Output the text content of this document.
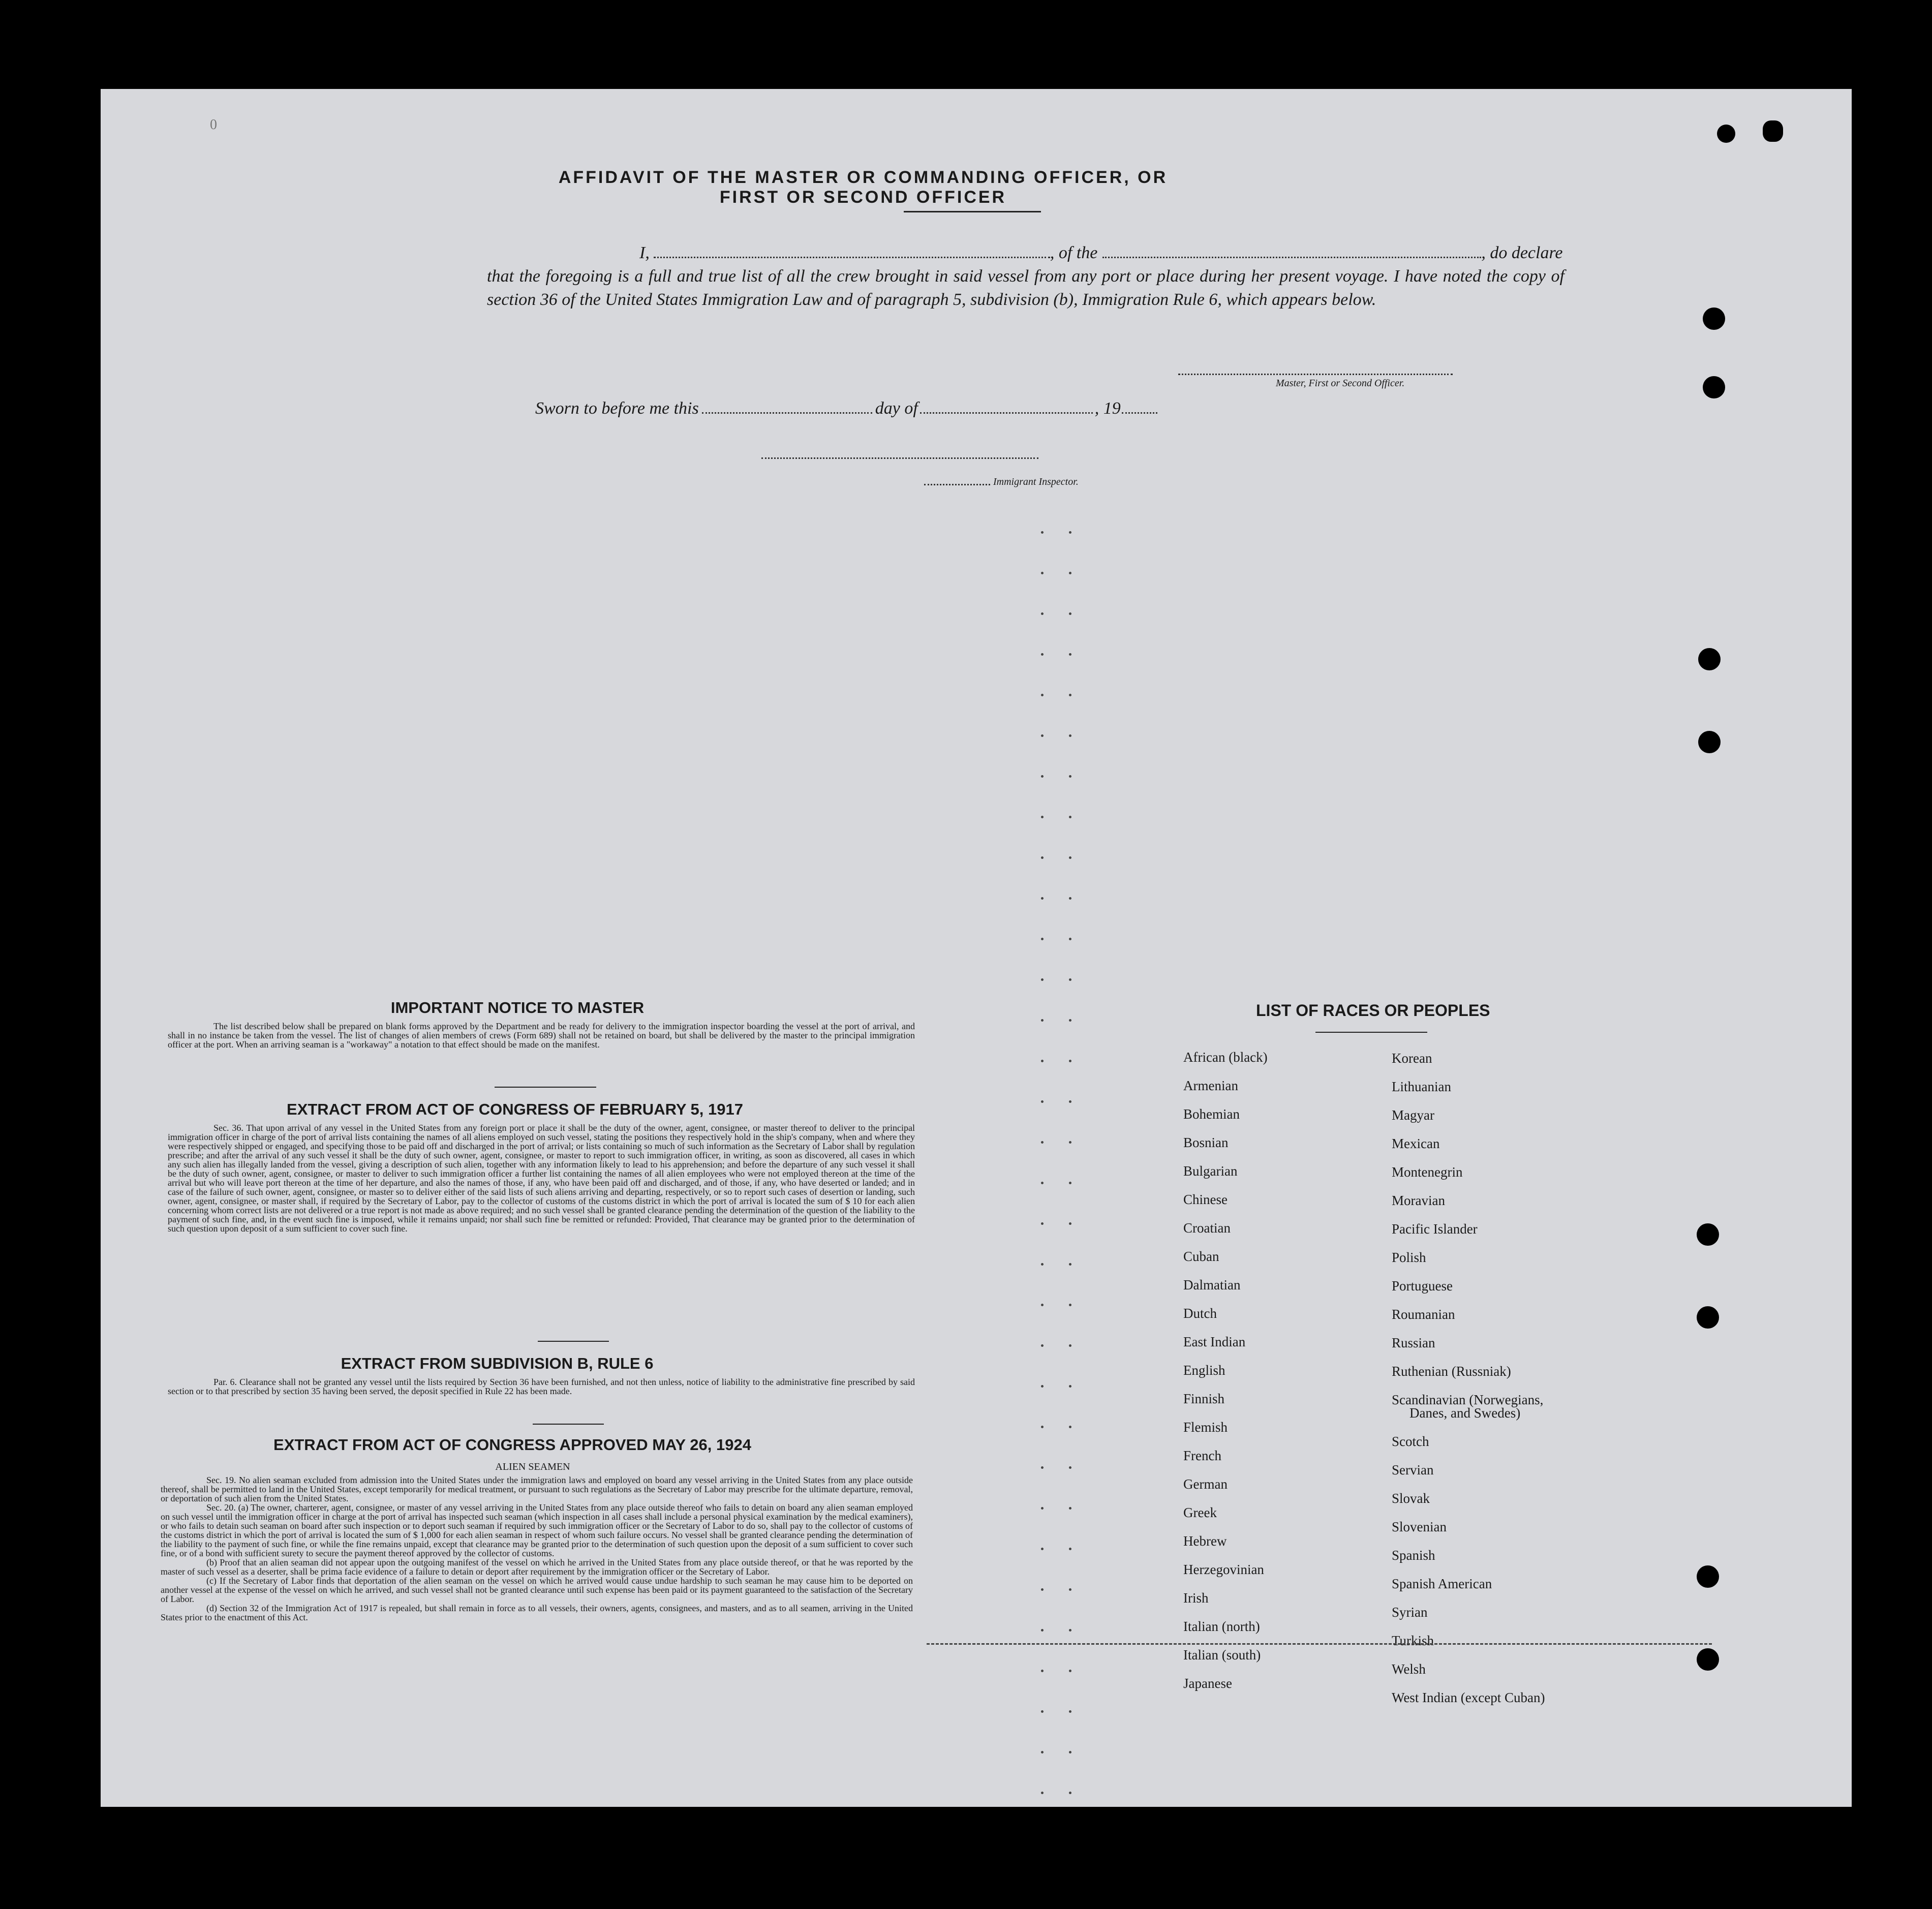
0
AFFIDAVIT OF THE MASTER OR COMMANDING OFFICER, OR FIRST OR SECOND OFFICER
I,	, of the	, do declare
that the foregoing is a full and true list of all the crew brought in said vessel from any port or place during her present voyage. I have noted the copy of section 36 of the United States Immigration Law and of paragraph 5, subdivision (b), Immigration Rule 6, which appears below.
Master, First or Second Officer.
Sworn to before me this	day of	, 19
Immigrant Inspector.
IMPORTANT NOTICE TO MASTER

The list described below shall be prepared on blank forms approved by the Department and be ready for delivery to the immigration inspector boarding the vessel at the port of arrival, and shall in no instance be taken from the vessel. The list of changes of alien members of crews (Form 689) shall not be retained on board, but shall be delivered by the master to the principal immigration officer at the port. When an arriving seaman is a "workaway" a notation to that effect should be made on the manifest.

EXTRACT FROM ACT OF CONGRESS OF FEBRUARY 5, 1917

Sec. 36. That upon arrival of any vessel in the United States from any foreign port or place it shall be the duty of the owner, agent, consignee, or master thereof to deliver to the principal immigration officer in charge of the port of arrival lists containing the names of all aliens employed on such vessel, stating the positions they respectively hold in the ship's company, when and where they were respectively shipped or engaged, and specifying those to be paid off and discharged in the port of arrival; or lists containing so much of such information as the Secretary of Labor shall by regulation prescribe; and after the arrival of any such vessel it shall be the duty of such owner, agent, consignee, or master to report to such immigration officer, in writing, as soon as discovered, all cases in which any such alien has illegally landed from the vessel, giving a description of such alien, together with any information likely to lead to his apprehension; and before the departure of any such vessel it shall be the duty of such owner, agent, consignee, or master to deliver to such immigration officer a further list containing the names of all alien employees who were not employed thereon at the time of the arrival but who will leave port thereon at the time of her departure, and also the names of those, if any, who have been paid off and discharged, and of those, if any, who have deserted or landed; and in case of the failure of such owner, agent, consignee, or master so to deliver either of the said lists of such aliens arriving and departing, respectively, or so to report such cases of desertion or landing, such owner, agent, consignee, or master shall, if required by the Secretary of Labor, pay to the collector of customs of the customs district in which the port of arrival is located the sum of $ 10 for each alien concerning whom correct lists are not delivered or a true report is not made as above required; and no such vessel shall be granted clearance pending the determination of the question of the liability to the payment of such fine, and, in the event such fine is imposed, while it remains unpaid; nor shall such fine be remitted or refunded: Provided, That clearance may be granted prior to the determination of such question upon deposit of a sum sufficient to cover such fine.

EXTRACT FROM SUBDIVISION B, RULE 6

Par. 6. Clearance shall not be granted any vessel until the lists required by Section 36 have been furnished, and not then unless, notice of liability to the administrative fine prescribed by said section or to that prescribed by section 35 having been served, the deposit specified in Rule 22 has been made.

EXTRACT FROM ACT OF CONGRESS APPROVED MAY 26, 1924
ALIEN SEAMEN

Sec. 19. No alien seaman excluded from admission into the United States under the immigration laws and employed on board any vessel arriving in the United States from any place outside thereof, shall be permitted to land in the United States, except temporarily for medical treatment, or pursuant to such regulations as the Secretary of Labor may prescribe for the ultimate departure, removal, or deportation of such alien from the United States.

Sec. 20. (a) The owner, charterer, agent, consignee, or master of any vessel arriving in the United States from any place outside thereof who fails to detain on board any alien seaman employed on such vessel until the immigration officer in charge at the port of arrival has inspected such seaman (which inspection in all cases shall include a personal physical examination by the medical examiners), or who fails to detain such seaman on board after such inspection or to deport such seaman if required by such immigration officer or the Secretary of Labor to do so, shall pay to the collector of customs of the customs district in which the port of arrival is located the sum of $ 1,000 for each alien seaman in respect of whom such failure occurs. No vessel shall be granted clearance pending the determination of the liability to the payment of such fine, or while the fine remains unpaid, except that clearance may be granted prior to the determination of such question upon the deposit of a sum sufficient to cover such fine, or of a bond with sufficient surety to secure the payment thereof approved by the collector of customs.

(b) Proof that an alien seaman did not appear upon the outgoing manifest of the vessel on which he arrived in the United States from any place outside thereof, or that he was reported by the master of such vessel as a deserter, shall be prima facie evidence of a failure to detain or deport after requirement by the immigration officer or the Secretary of Labor.

(c) If the Secretary of Labor finds that deportation of the alien seaman on the vessel on which he arrived would cause undue hardship to such seaman he may cause him to be deported on another vessel at the expense of the vessel on which he arrived, and such vessel shall not be granted clearance until such expense has been paid or its payment guaranteed to the satisfaction of the Secretary of Labor.

(d) Section 32 of the Immigration Act of 1917 is repealed, but shall remain in force as to all vessels, their owners, agents, consignees, and masters, and as to all seamen, arriving in the United States prior to the enactment of this Act.

LIST OF RACES OR PEOPLES
African (black)
Armenian
Bohemian
Bosnian
Bulgarian
Chinese
Croatian
Cuban
Dalmatian
Dutch
East Indian
English
Finnish
Flemish
French
German
Greek
Hebrew
Herzegovinian
Irish
Italian (north)
Italian (south)
Japanese
Korean
Lithuanian
Magyar
Mexican
Montenegrin
Moravian
Pacific Islander
Polish
Portuguese
Roumanian
Russian
Ruthenian (Russniak)
Scandinavian (Norwegians,
Danes, and Swedes)
Scotch
Servian
Slovak
Slovenian
Spanish
Spanish American
Syrian
Turkish
Welsh
West Indian (except Cuban)
